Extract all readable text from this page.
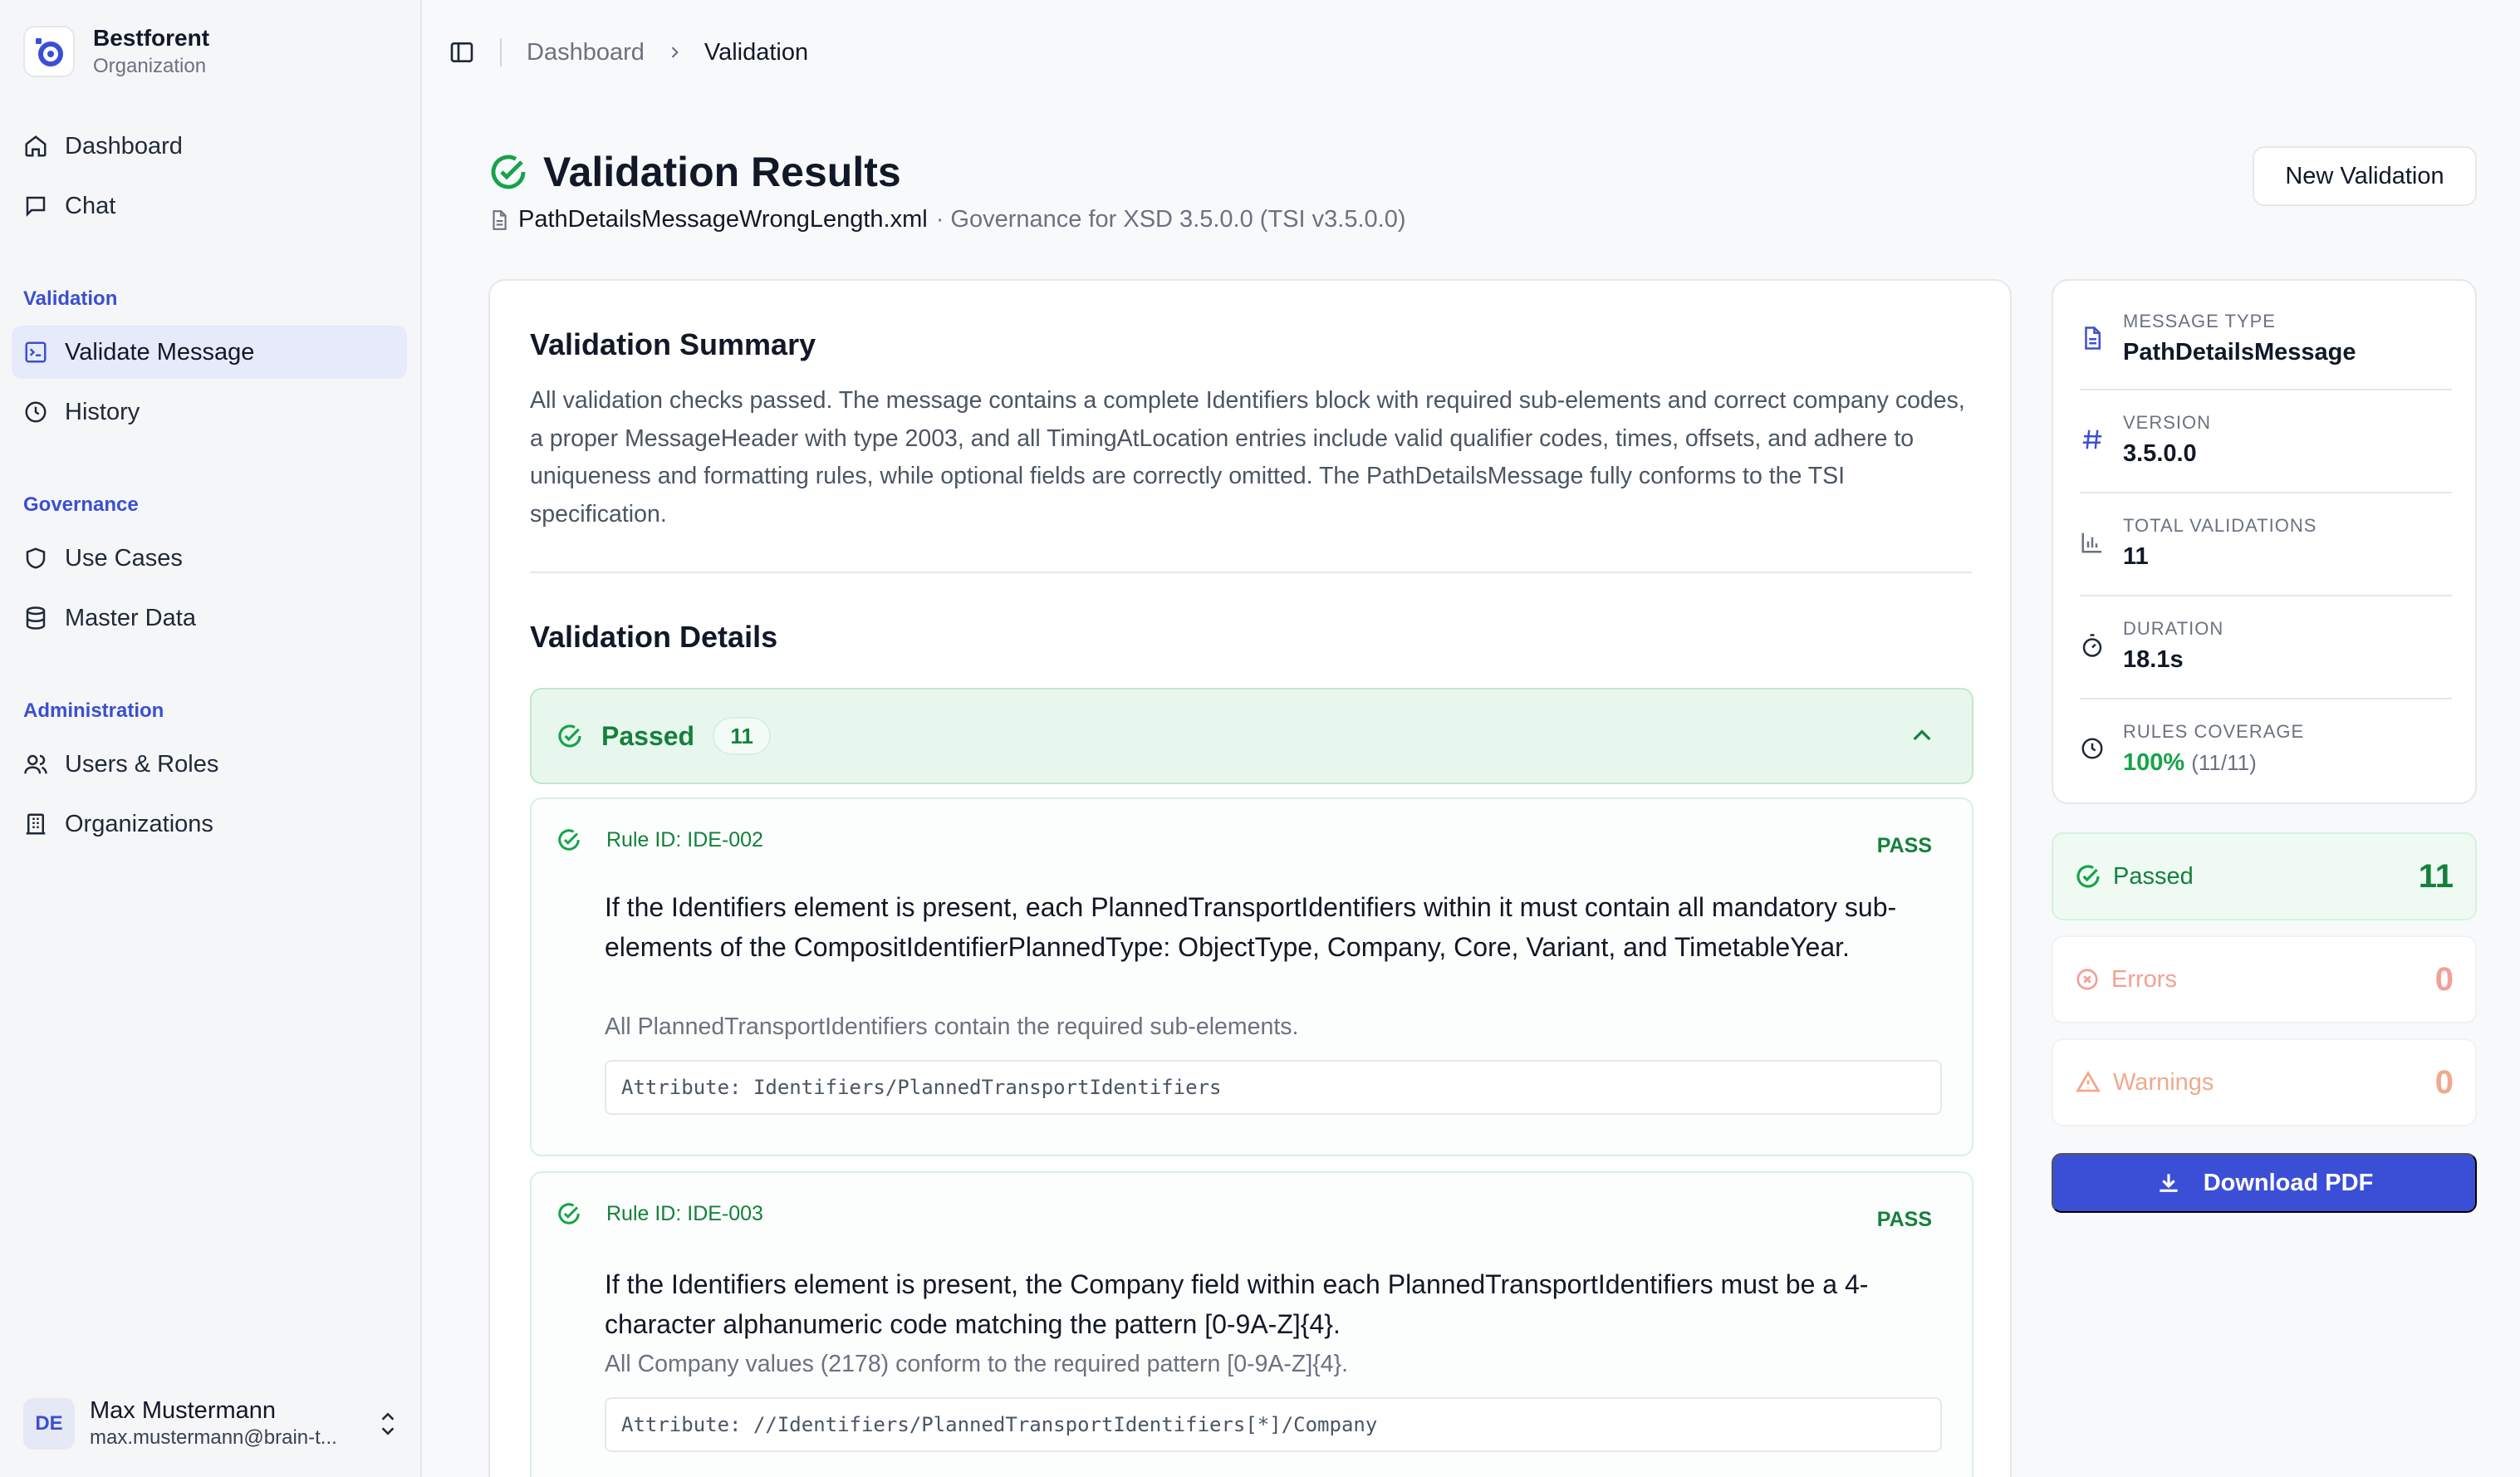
Bestforent
Organization
Dashboard
Chat
Validation
Validate Message
History
Governance
Use Cases
Master Data
Administration
Users & Roles
Organizations
DE	Max Mustermann
max.mustermann@brain-t...
Dashboard Validation
Validation Results
PathDetailsMessageWrongLength.xml · Governance for XSD 3.5.0.0 (TSI v3.5.0.0)
New Validation
Validation Summary

All validation checks passed. The message contains a complete Identifiers block with required sub-elements and correct company codes, a proper MessageHeader with type 2003, and all TimingAtLocation entries include valid qualifier codes, times, offsets, and adhere to uniqueness and formatting rules, while optional fields are correctly omitted. The PathDetailsMessage fully conforms to the TSI specification.

Validation Details
Passed	11
Rule ID: IDE-002	PASS
If the Identifiers element is present, each PlannedTransportIdentifiers within it must contain all mandatory sub-elements of the CompositIdentifierPlannedType: ObjectType, Company, Core, Variant, and TimetableYear.
All PlannedTransportIdentifiers contain the required sub-elements.
Attribute: Identifiers/PlannedTransportIdentifiers
Rule ID: IDE-003	PASS
If the Identifiers element is present, the Company field within each PlannedTransportIdentifiers must be a 4-character alphanumeric code matching the pattern [0-9A-Z]{4}.
All Company values (2178) conform to the required pattern [0-9A-Z]{4}.
Attribute: //Identifiers/PlannedTransportIdentifiers[*]/Company
MESSAGE TYPE
PathDetailsMessage
VERSION
3.5.0.0
TOTAL VALIDATIONS
11
DURATION
18.1s
RULES COVERAGE
100% (11/11)
Passed	11
Errors	0
Warnings	0
Download PDF
